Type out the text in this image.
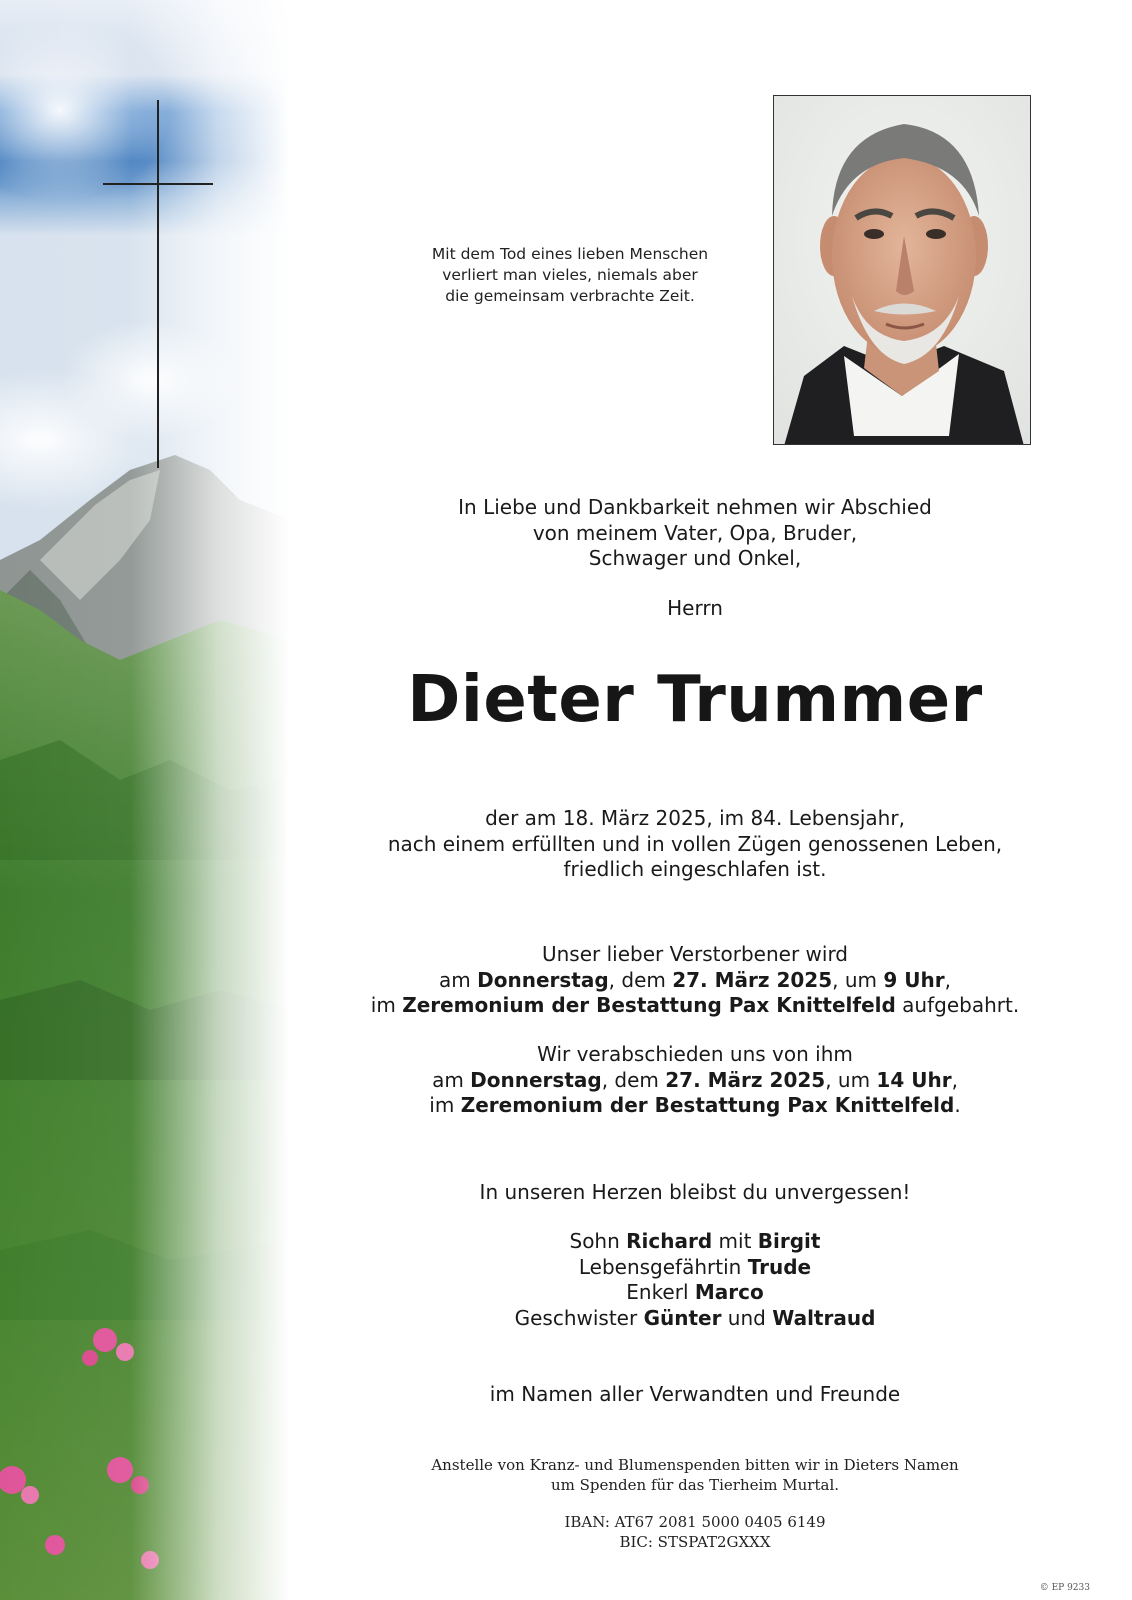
Mit dem Tod eines lieben Menschen
verliert man vieles, niemals aber
die gemeinsam verbrachte Zeit.
In Liebe und Dankbarkeit nehmen wir Abschied
von meinem Vater, Opa, Bruder,
Schwager und Onkel,
Herrn
Dieter Trummer
der am 18. März 2025, im 84. Lebensjahr,
nach einem erfüllten und in vollen Zügen genossenen Leben,
friedlich eingeschlafen ist.
Unser lieber Verstorbener wird
am Donnerstag, dem 27. März 2025, um 9 Uhr,
im Zeremonium der Bestattung Pax Knittelfeld aufgebahrt.
Wir verabschieden uns von ihm
am Donnerstag, dem 27. März 2025, um 14 Uhr,
im Zeremonium der Bestattung Pax Knittelfeld.
In unseren Herzen bleibst du unvergessen!
Sohn Richard mit Birgit
Lebensgefährtin Trude
Enkerl Marco
Geschwister Günter und Waltraud
im Namen aller Verwandten und Freunde
Anstelle von Kranz- und Blumenspenden bitten wir in Dieters Namen
um Spenden für das Tierheim Murtal.
IBAN: AT67 2081 5000 0405 6149
BIC: STSPAT2GXXX
© EP 9233
